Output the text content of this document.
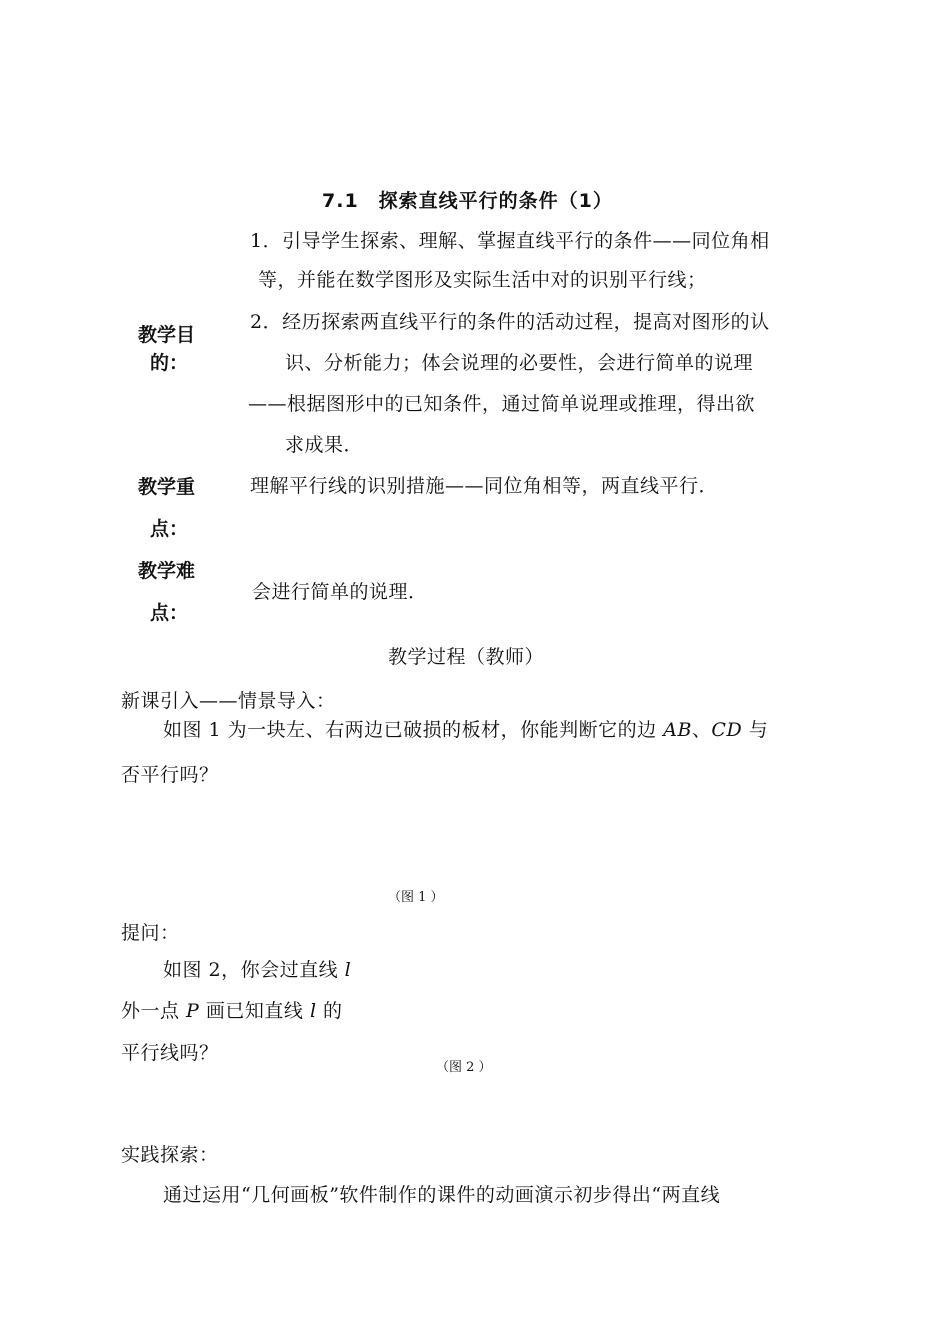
7.1　探索直线平行的条件（1）
教学目
的：
1．引导学生探索、理解、掌握直线平行的条件——同位角相
等，并能在数学图形及实际生活中对的识别平行线；
2．经历探索两直线平行的条件的活动过程，提高对图形的认
识、分析能力；体会说理的必要性，会进行简单的说理
——根据图形中的已知条件，通过简单说理或推理，得出欲
求成果．
教学重
点：
理解平行线的识别措施——同位角相等，两直线平行．
教学难
点：
会进行简单的说理．
教学过程（教师）
新课引入——情景导入：
如图 1 为一块左、右两边已破损的板材，你能判断它的边 AB、CD 与
否平行吗？
（图 1 ）
提问：
如图 2，你会过直线 l
外一点 P 画已知直线 l 的
平行线吗？
（图 2 ）
实践探索：
通过运用“几何画板”软件制作的课件的动画演示初步得出“两直线
